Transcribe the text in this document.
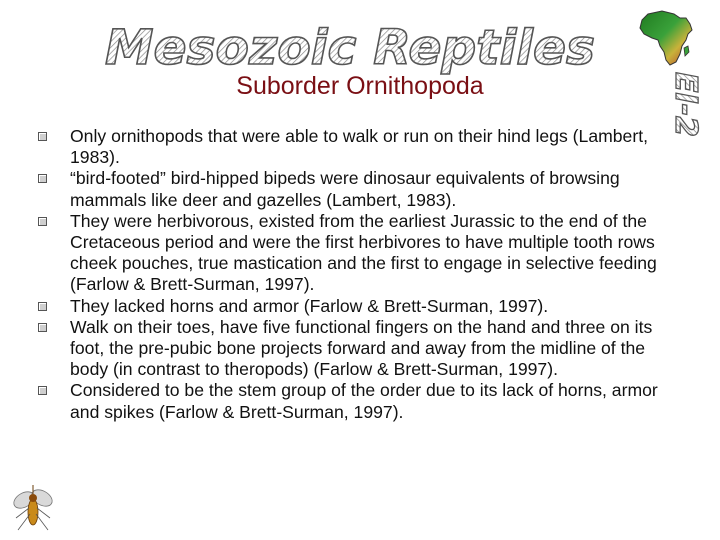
Mesozoic Reptiles
Suborder Ornithopoda	EI-2
Only ornithopods that were able to walk or run on their hind legs (Lambert, 1983).
“bird-footed” bird-hipped bipeds were dinosaur equivalents of browsing mammals like deer and gazelles (Lambert, 1983).
They were herbivorous, existed from the earliest Jurassic to the end of the Cretaceous period and were the first herbivores to have multiple tooth rows cheek pouches, true mastication and the first to engage in selective feeding (Farlow & Brett-Surman, 1997).
They lacked horns and armor (Farlow & Brett-Surman, 1997).
Walk on their toes, have five functional fingers on the hand and three on its foot, the pre-pubic bone projects forward and away from the midline of the body (in contrast to theropods) (Farlow & Brett-Surman, 1997).
Considered to be the stem group of the order due to its lack of horns, armor and spikes (Farlow & Brett-Surman, 1997).
